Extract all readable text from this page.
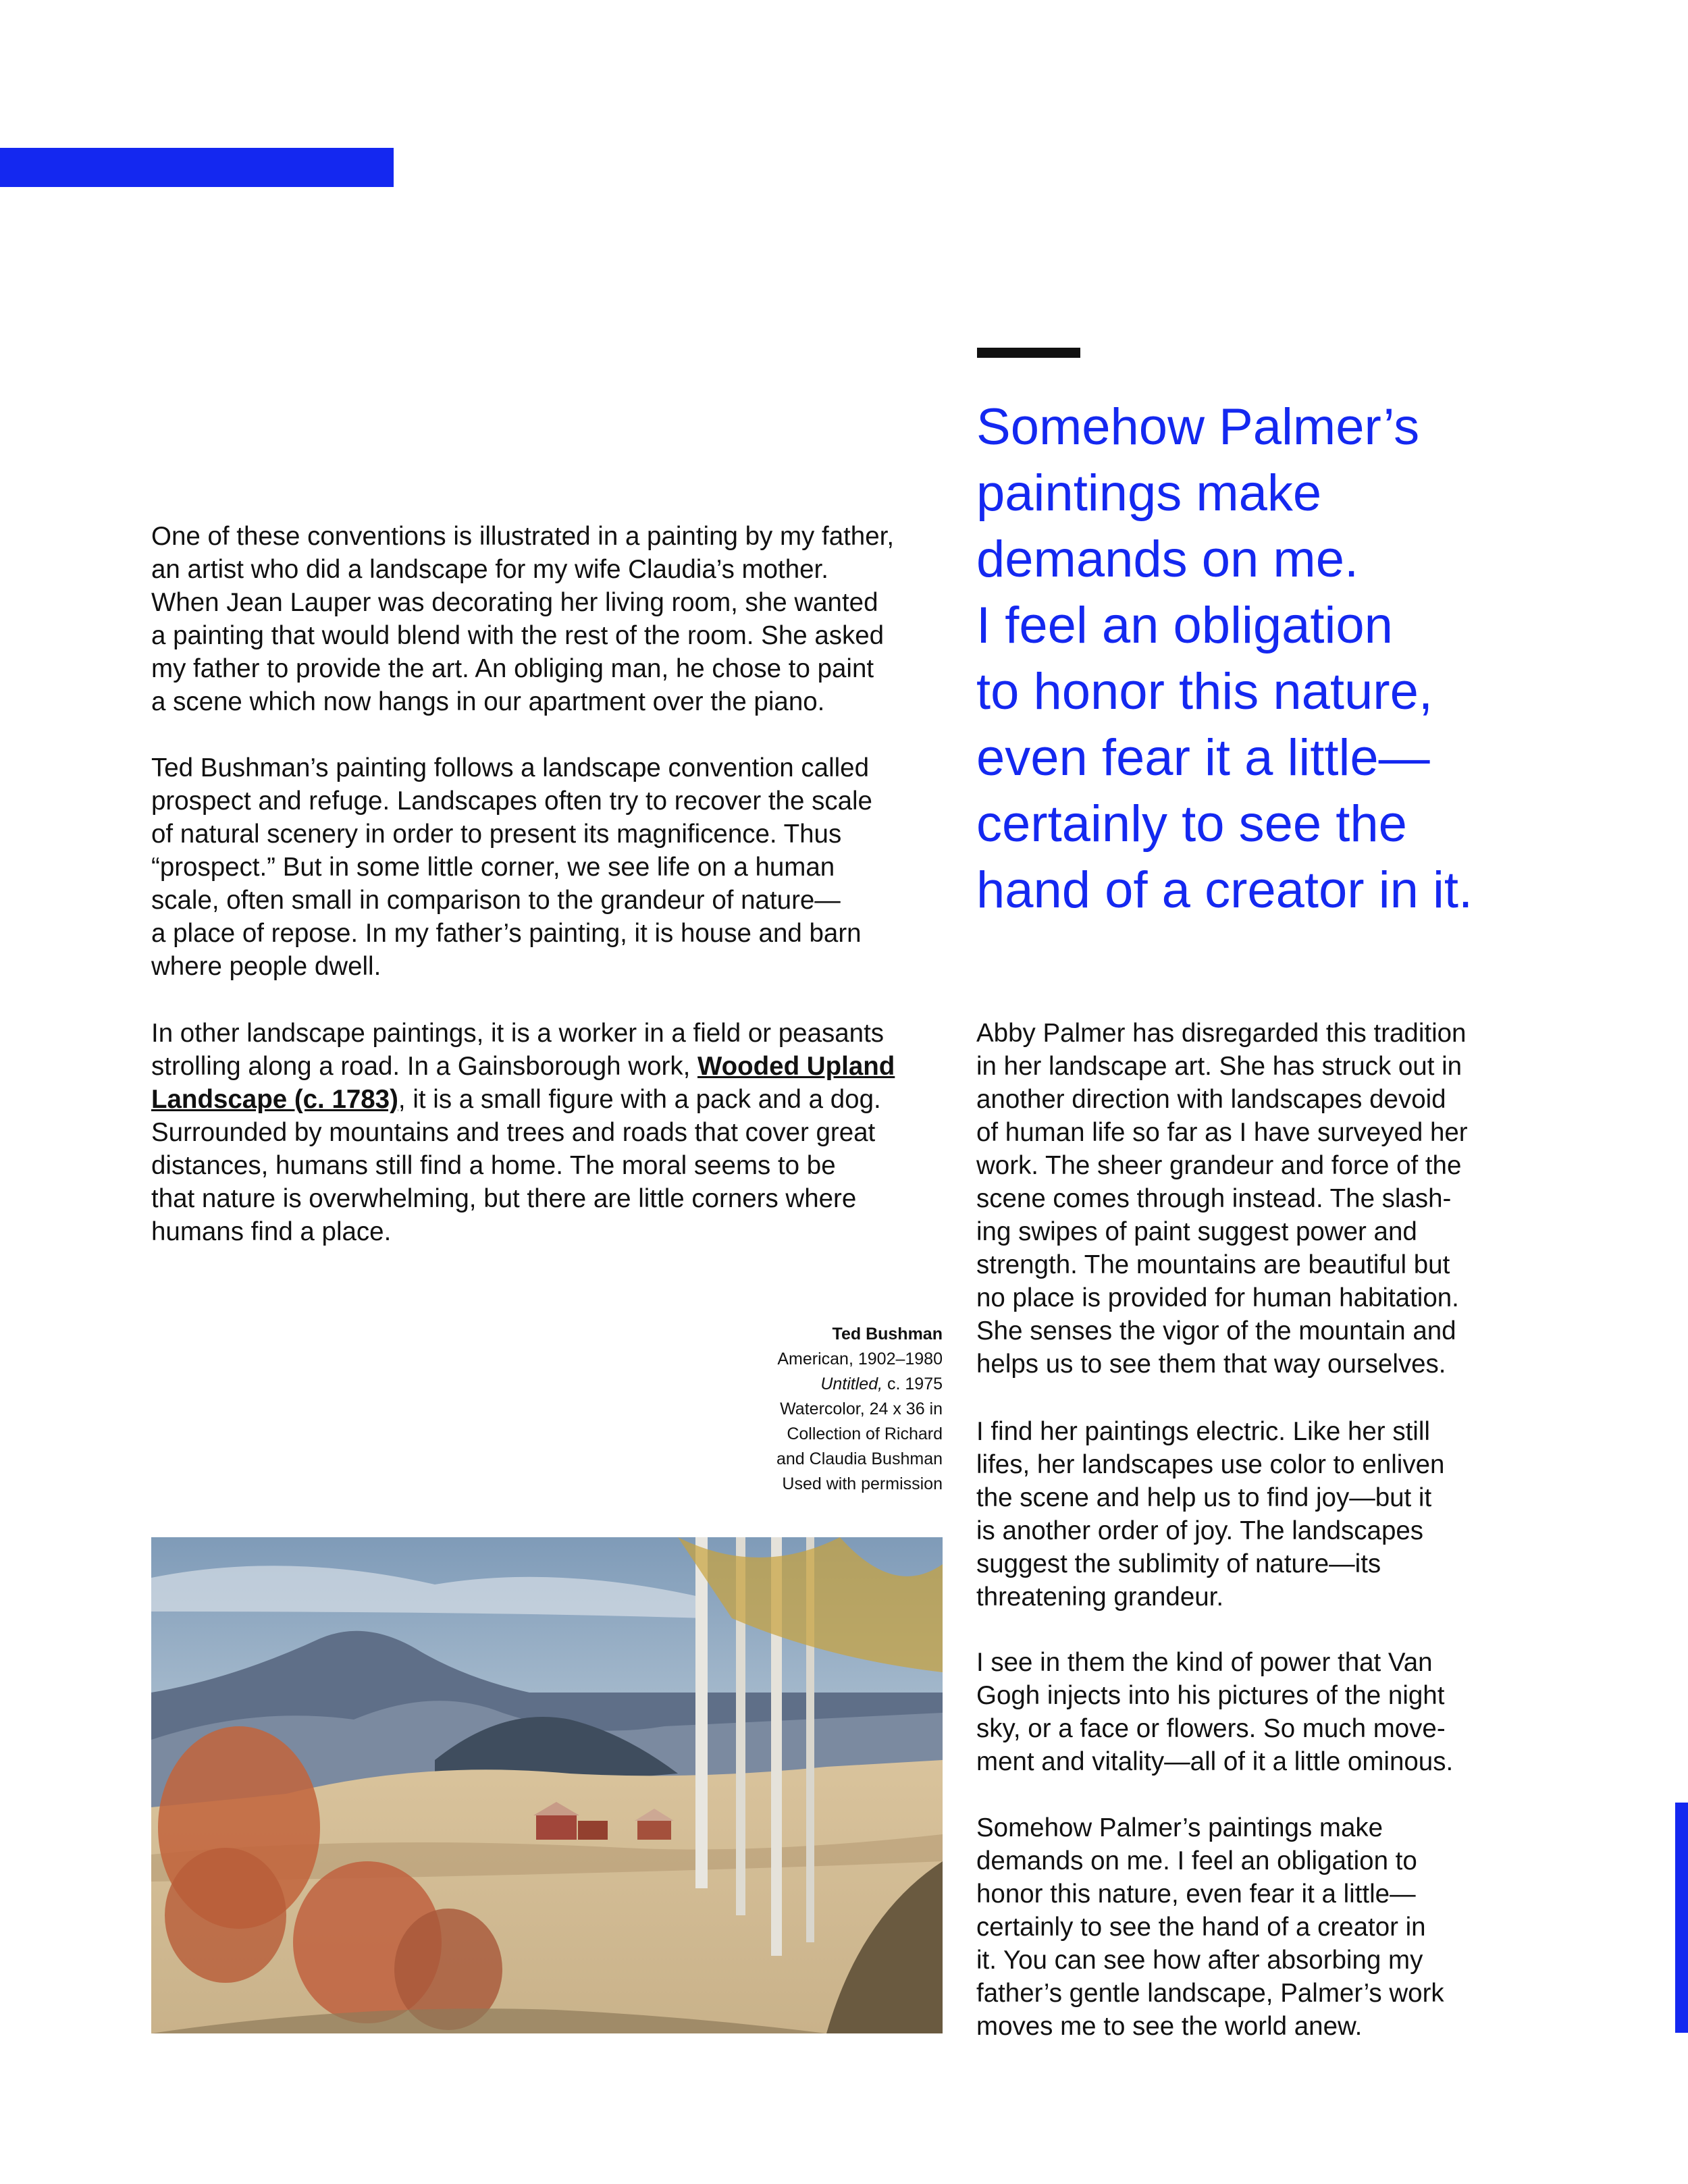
Somehow Palmer’s
paintings make
demands on me.
I feel an obligation
to honor this nature,
even fear it a little—
certainly to see the
hand of a creator in it.

One of these conventions is illustrated in a painting by my father,
an artist who did a landscape for my wife Claudia’s mother.
When Jean Lauper was decorating her living room, she wanted
a painting that would blend with the rest of the room. She asked
my father to provide the art. An obliging man, he chose to paint
a scene which now hangs in our apartment over the piano.

Ted Bushman’s painting follows a landscape convention called
prospect and refuge. Landscapes often try to recover the scale
of natural scenery in order to present its magnificence. Thus
“prospect.” But in some little corner, we see life on a human
scale, often small in comparison to the grandeur of nature—
a place of repose. In my father’s painting, it is house and barn
where people dwell.

In other landscape paintings, it is a worker in a field or peasants
strolling along a road. In a Gainsborough work, Wooded Upland
Landscape (c. 1783), it is a small figure with a pack and a dog.
Surrounded by mountains and trees and roads that cover great
distances, humans still find a home. The moral seems to be
that nature is overwhelming, but there are little corners where
humans find a place.

Ted Bushman
American, 1902–1980
Untitled, c. 1975
Watercolor, 24 x 36 in
Collection of Richard
and Claudia Bushman
Used with permission

Abby Palmer has disregarded this tradition
in her landscape art. She has struck out in
another direction with landscapes devoid
of human life so far as I have surveyed her
work. The sheer grandeur and force of the
scene comes through instead. The slash-
ing swipes of paint suggest power and
strength. The mountains are beautiful but
no place is provided for human habitation.
She senses the vigor of the mountain and
helps us to see them that way ourselves.

I find her paintings electric. Like her still
lifes, her landscapes use color to enliven
the scene and help us to find joy—but it
is another order of joy. The landscapes
suggest the sublimity of nature—its
threatening grandeur.

I see in them the kind of power that Van
Gogh injects into his pictures of the night
sky, or a face or flowers. So much move-
ment and vitality—all of it a little ominous.

Somehow Palmer’s paintings make
demands on me. I feel an obligation to
honor this nature, even fear it a little—
certainly to see the hand of a creator in
it. You can see how after absorbing my
father’s gentle landscape, Palmer’s work
moves me to see the world anew.
